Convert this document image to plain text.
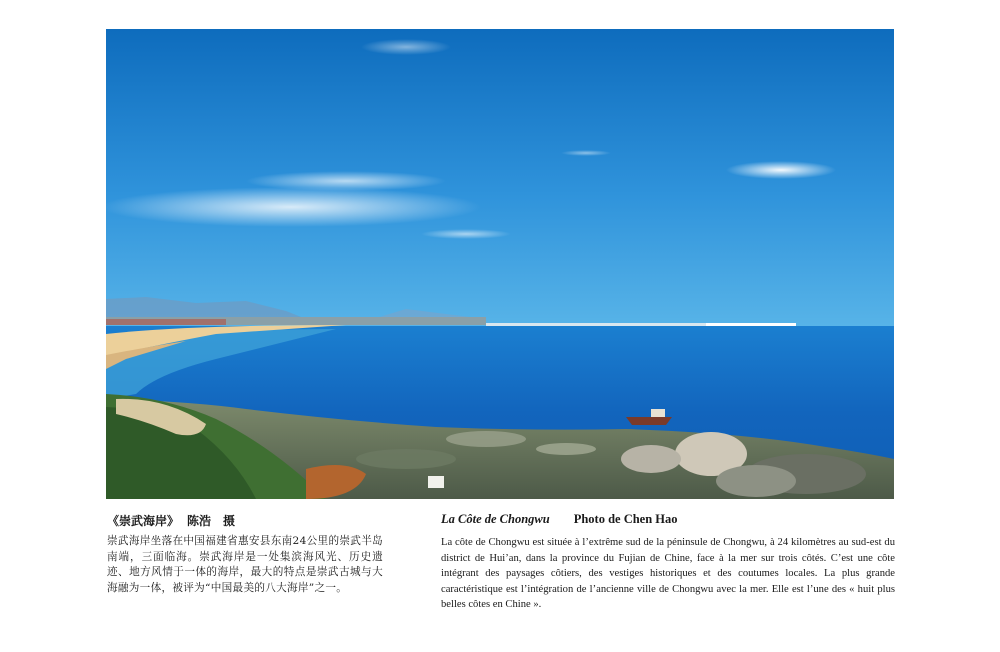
《崇武海岸》 陈浩　摄
崇武海岸坐落在中国福建省惠安县东南24公里的崇武半岛南端，三面临海。崇武海岸是一处集滨海风光、历史遗迹、地方风情于一体的海岸，最大的特点是崇武古城与大海融为一体，被评为“中国最美的八大海岸”之一。
La Côte de Chongwu Photo de Chen Hao
La côte de Chongwu est située à l’extrême sud de la péninsule de Chongwu, à 24 kilomètres au sud-est du district de Hui’an, dans la province du Fujian de Chine, face à la mer sur trois côtés. C’est une côte intégrant des paysages côtiers, des vestiges historiques et des coutumes locales. La plus grande caractéristique est l’intégration de l’ancienne ville de Chongwu avec la mer. Elle est l’une des « huit plus belles côtes en Chine ».
